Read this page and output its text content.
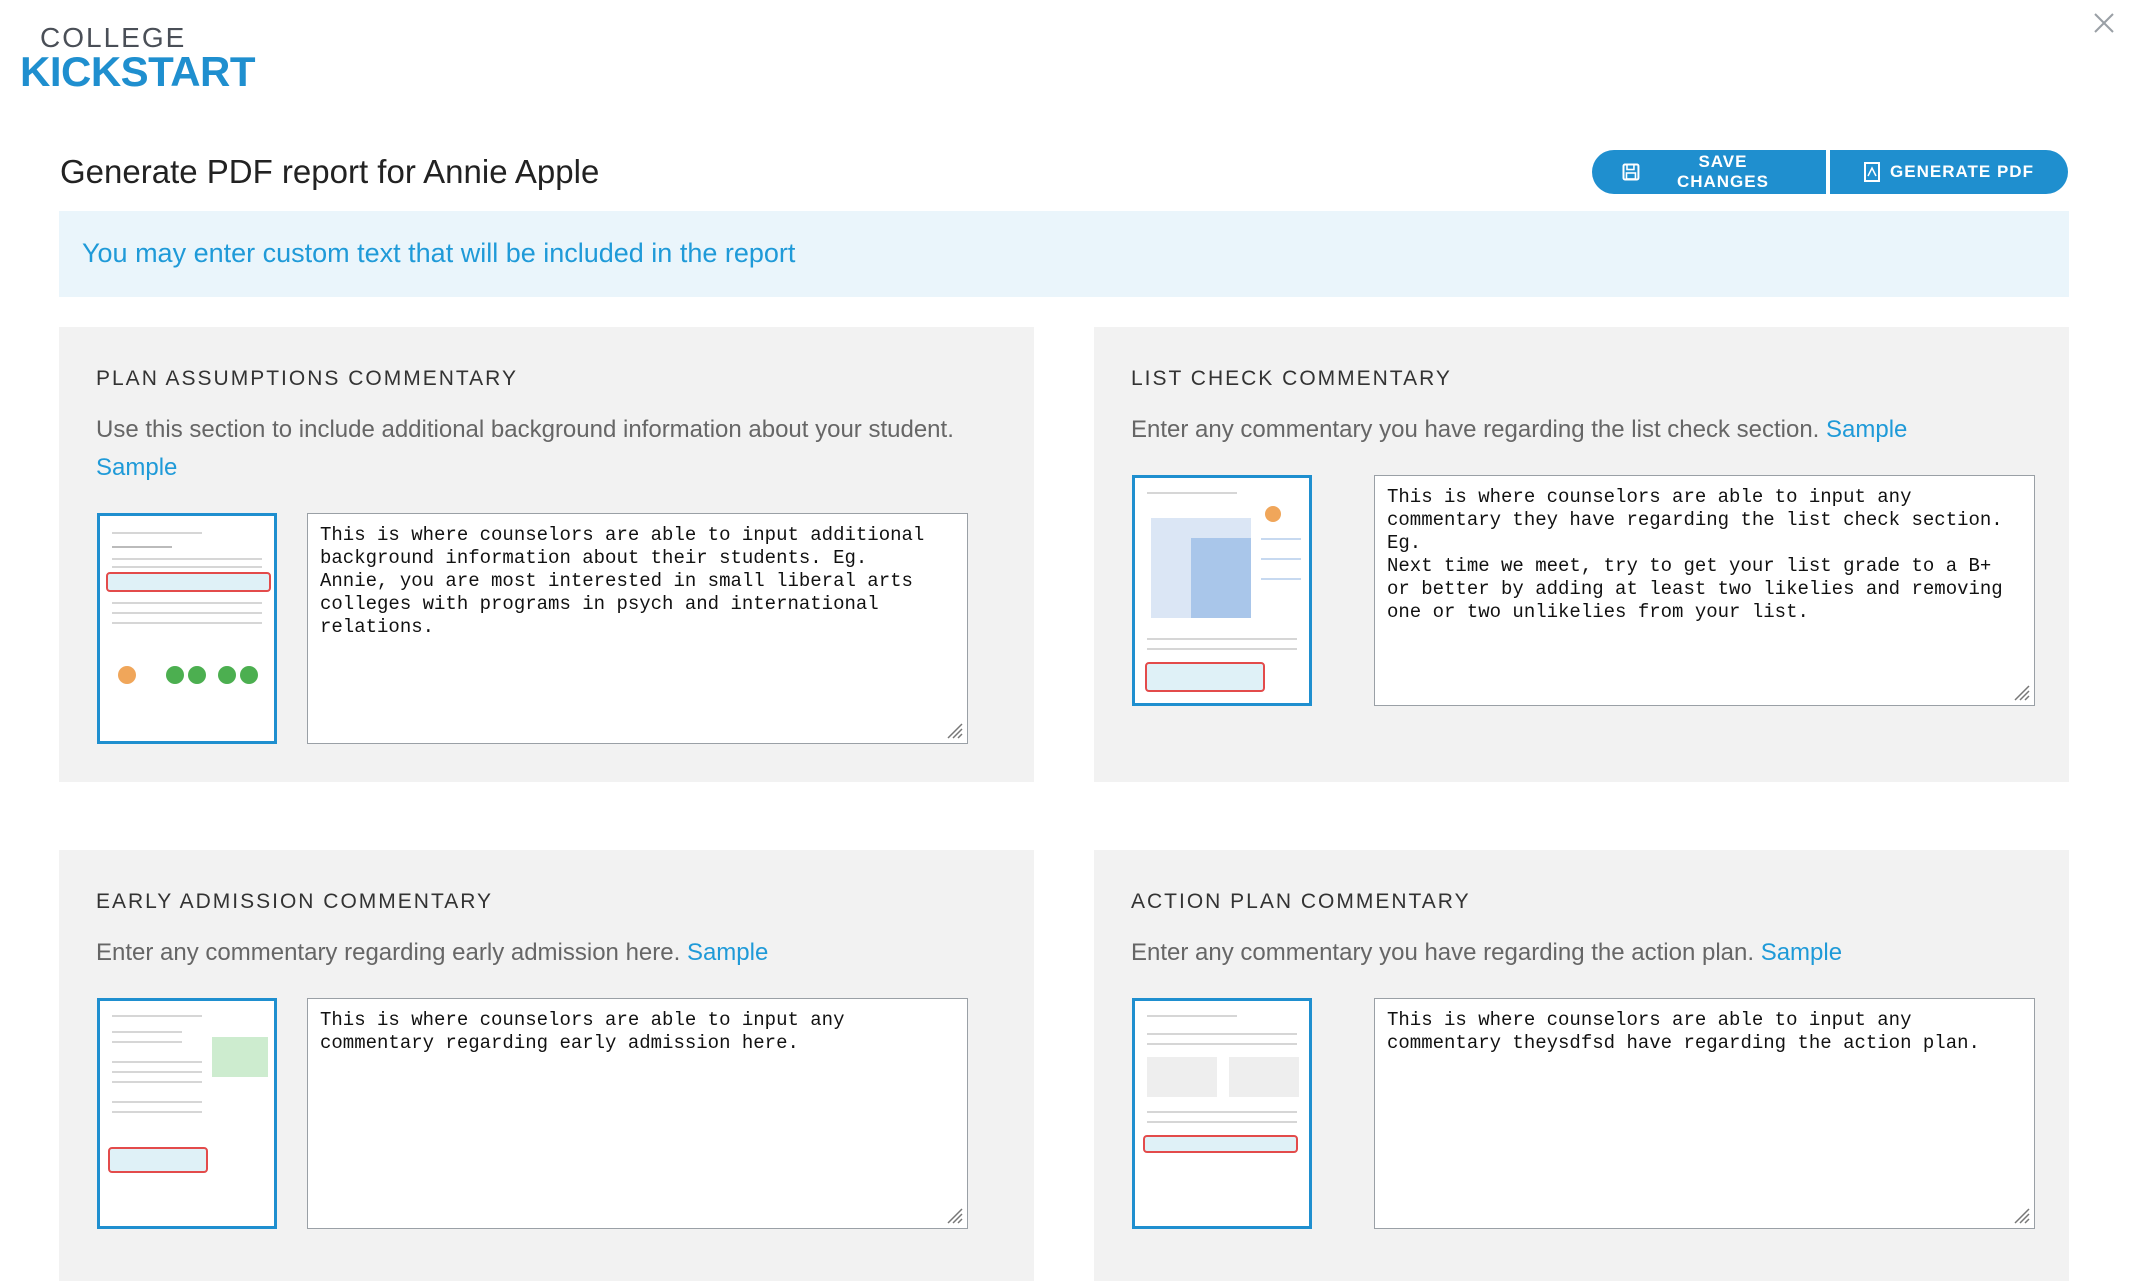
COLLEGE
KICKSTART
Generate PDF report for Annie Apple	SAVE CHANGES
GENERATE PDF
You may enter custom text that will be included in the report
PLAN ASSUMPTIONS COMMENTARY
Use this section to include additional background information about your student.
Sample
This is where counselors are able to input additional background information about their students. Eg. Annie, you are most interested in small liberal arts colleges with programs in psych and international relations.
LIST CHECK COMMENTARY
Enter any commentary you have regarding the list check section. Sample
This is where counselors are able to input any commentary they have regarding the list check section. Eg. Next time we meet, try to get your list grade to a B+ or better by adding at least two likelies and removing one or two unlikelies from your list.
EARLY ADMISSION COMMENTARY
Enter any commentary regarding early admission here. Sample
This is where counselors are able to input any commentary regarding early admission here.
ACTION PLAN COMMENTARY
Enter any commentary you have regarding the action plan. Sample
This is where counselors are able to input any commentary theysdfsd have regarding the action plan.
